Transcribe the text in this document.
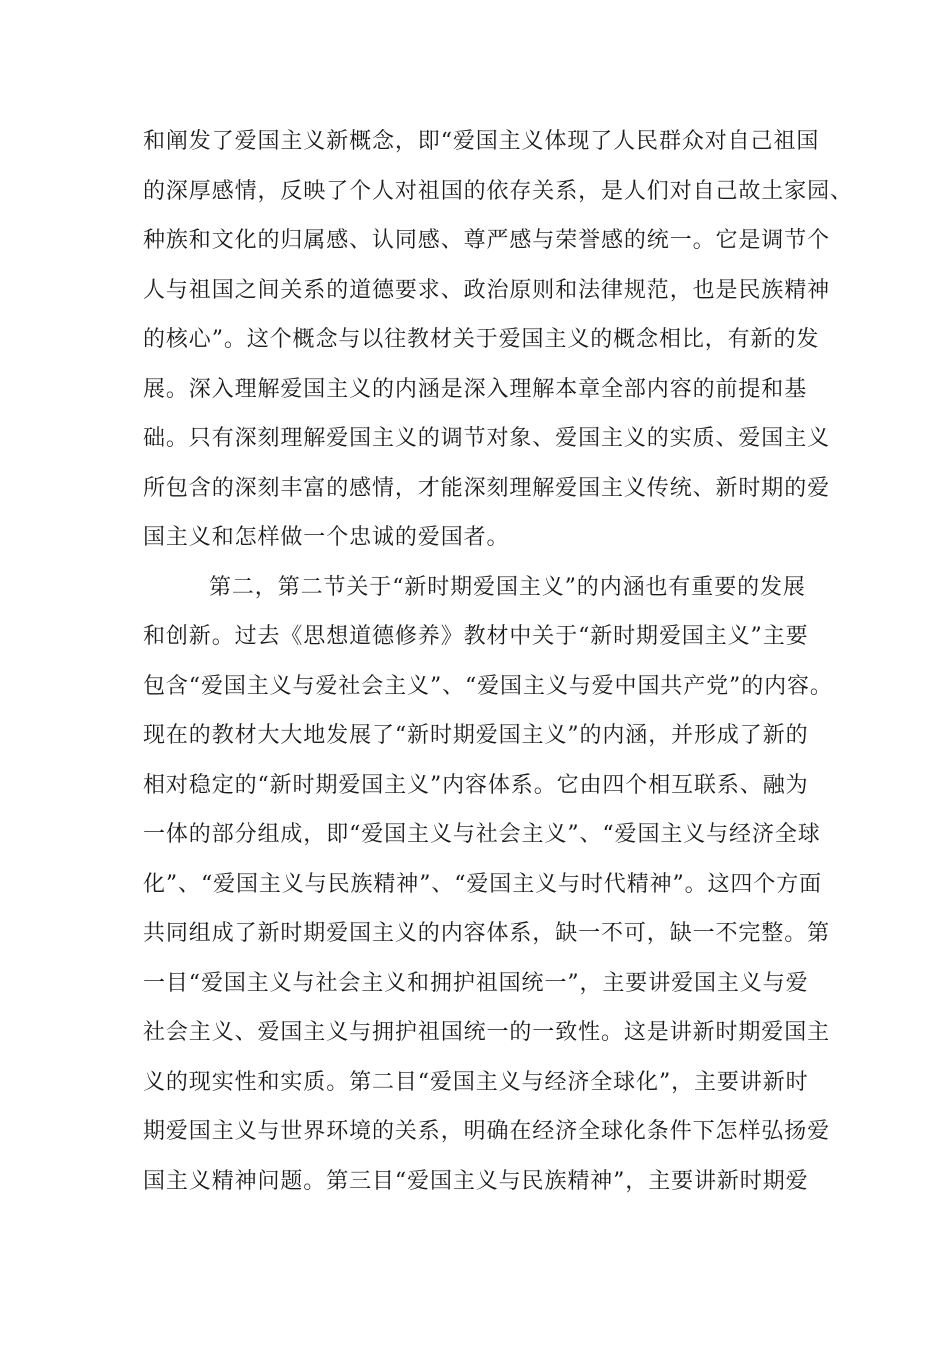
和阐发了爱国主义新概念，即“爱国主义体现了人民群众对自己祖国
的深厚感情，反映了个人对祖国的依存关系，是人们对自己故土家园、
种族和文化的归属感、认同感、尊严感与荣誉感的统一。它是调节个
人与祖国之间关系的道德要求、政治原则和法律规范，也是民族精神
的核心”。这个概念与以往教材关于爱国主义的概念相比，有新的发
展。深入理解爱国主义的内涵是深入理解本章全部内容的前提和基
础。只有深刻理解爱国主义的调节对象、爱国主义的实质、爱国主义
所包含的深刻丰富的感情，才能深刻理解爱国主义传统、新时期的爱
国主义和怎样做一个忠诚的爱国者。
第二，第二节关于“新时期爱国主义”的内涵也有重要的发展
和创新。过去《思想道德修养》教材中关于“新时期爱国主义”主要
包含“爱国主义与爱社会主义”、“爱国主义与爱中国共产党”的内容。
现在的教材大大地发展了“新时期爱国主义”的内涵，并形成了新的
相对稳定的“新时期爱国主义”内容体系。它由四个相互联系、融为
一体的部分组成，即“爱国主义与社会主义”、“爱国主义与经济全球
化”、“爱国主义与民族精神”、“爱国主义与时代精神”。这四个方面
共同组成了新时期爱国主义的内容体系，缺一不可，缺一不完整。第
一目“爱国主义与社会主义和拥护祖国统一”，主要讲爱国主义与爱
社会主义、爱国主义与拥护祖国统一的一致性。这是讲新时期爱国主
义的现实性和实质。第二目“爱国主义与经济全球化”，主要讲新时
期爱国主义与世界环境的关系，明确在经济全球化条件下怎样弘扬爱
国主义精神问题。第三目“爱国主义与民族精神”，主要讲新时期爱
